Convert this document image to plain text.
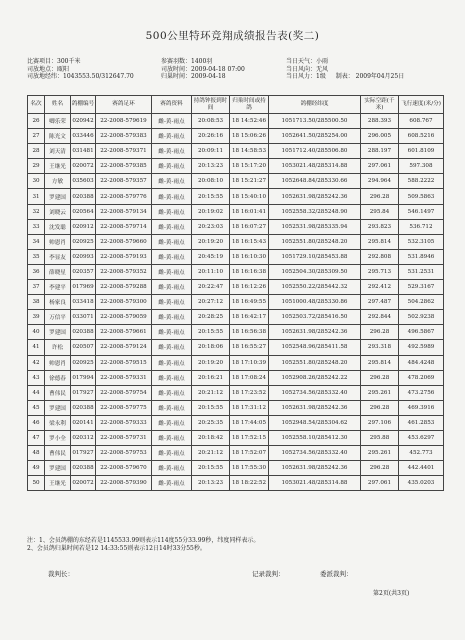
500公里特环竞翔成绩报告表(奖二)
比赛项目：300千米
司放地点：瓯阳
司放地经纬：1043553.50/312647.70
参赛羽数：1400羽
司放时间：2009-04-18 07:00
归巢时间：2009-04-18
当日天气：小雨
当日风向：无风
当日风力：1级 制表： 2009年04月25日
名次	姓名	鸽棚编号	赛鸽足环	赛鸽资料	持鸽钟报到时间	归巢时间或持鸽	鸽棚经纬度	实际空距(千米)	飞行速度(米/分)
26	卿乐荣	020942	22-2008-579619	雌-黄-雨点	20:08:53	18 14:52:46	1051713.50/285500.50	288.393	608.767
27	陈光文	033446	22-2008-579383	雌-黄-雨点	20:26:16	18 15:06:26	1052641.50/285254.00	296.005	608.5216
28	刘天清	031481	22-2008-579371	雌-黄-雨点	20:09:11	18 14:58:53	1051712.40/285506.80	288.197	601.8109
29	王继光	020072	22-2008-579385	雌-黄-雨点	20:13:23	18 15:17:20	1053021.48/285314.88	297.061	597.308
30	方敏	035603	22-2008-579357	雌-黄-雨点	20:08:10	18 15:21:27	1052648.84/285330.66	294.964	588.2222
31	罗建国	020388	22-2008-579776	雌-黄-雨点	20:15:55	18 15:40:10	1052631.98/285242.36	296.28	509.5863
32	刘晓云	020564	22-2008-579134	雌-黄-雨点	20:19:02	18 16:01:41	1052558.32/285248.90	295.84	546.1497
33	沈发聪	020912	22-2008-579714	雌-黄-雨点	20:23:03	18 16:07:27	1052531.98/285335.94	293.823	536.712
34	帅恩肖	020925	22-2008-579660	雌-黄-雨点	20:19:20	18 16:15:43	1052551.80/285248.20	295.814	532.3105
35	李显友	020993	22-2008-579193	雌-黄-雨点	20:45:19	18 16:10:30	1051729.10/285453.88	292.808	531.8946
36	薛晓星	020357	22-2008-579352	雌-黄-雨点	20:11:10	18 16:16:38	1052504.30/285309.50	295.713	531.2531
37	李建平	017969	22-2008-579288	雌-黄-雨点	20:22:47	18 16:12:26	1052550.22/285442.32	292.412	529.3167
38	杨家良	033418	22-2008-579300	雌-黄-雨点	20:27:12	18 16:49:55	1051000.48/285330.86	297.487	504.2862
39	万信平	033071	22-2008-579059	雌-黄-雨点	20:28:25	18 16:42:17	1052503.72/285416.50	292.844	502.9238
40	罗建国	020388	22-2008-579661	雌-黄-雨点	20:15:55	18 16:56:38	1052631.98/285242.36	296.28	496.5867
41	许松	020507	22-2008-579124	雌-黄-雨点	20:18:06	18 16:55:27	1052548.96/285411.58	293.318	492.5989
42	帅恩肖	020925	22-2008-579515	雌-黄-雨点	20:19:20	18 17:10:39	1052551.80/285248.20	295.814	484.4248
43	徐德春	017994	22-2008-579331	雌-黄-雨点	20:16:21	18 17:08:24	1052908.26/285242.22	296.28	478.2069
44	曹伟民	017927	22-2008-579754	雌-黄-雨点	20:21:12	18 17:23:52	1052734.56/285332.40	295.261	473.2756
45	罗建国	020388	22-2008-579775	雌-黄-雨点	20:15:55	18 17:31:12	1052631.98/285242.36	296.28	469.3916
46	梁永利	020141	22-2008-579333	雌-黄-雨点	20:25:35	18 17:44:05	1052948.54/285304.62	297.106	461.2853
47	罗小全	020312	22-2008-579731	雌-黄-雨点	20:18:42	18 17:52:15	1052558.10/285412.30	295.88	453.6297
48	曹伟民	017927	22-2008-579753	雌-黄-雨点	20:21:12	18 17:52:07	1052734.56/285332.40	295.261	452.773
49	罗建国	020388	22-2008-579670	雌-黄-雨点	20:15:55	18 17:55:30	1052631.98/285242.36	296.28	442.4401
50	王继光	020072	22-2008-579390	雌-黄-雨点	20:13:23	18 18:22:52	1053021.48/285314.88	297.061	435.0203
注：1、会员鸽棚的东经若是1145533.99则表示114度55分33.99秒，纬度同样表示。
2、会员鸽归巢时间若是12 14:33:55则表示12日14时33分55秒。
裁判长：	记录裁判：	委派裁判：
第2页(共3页)
